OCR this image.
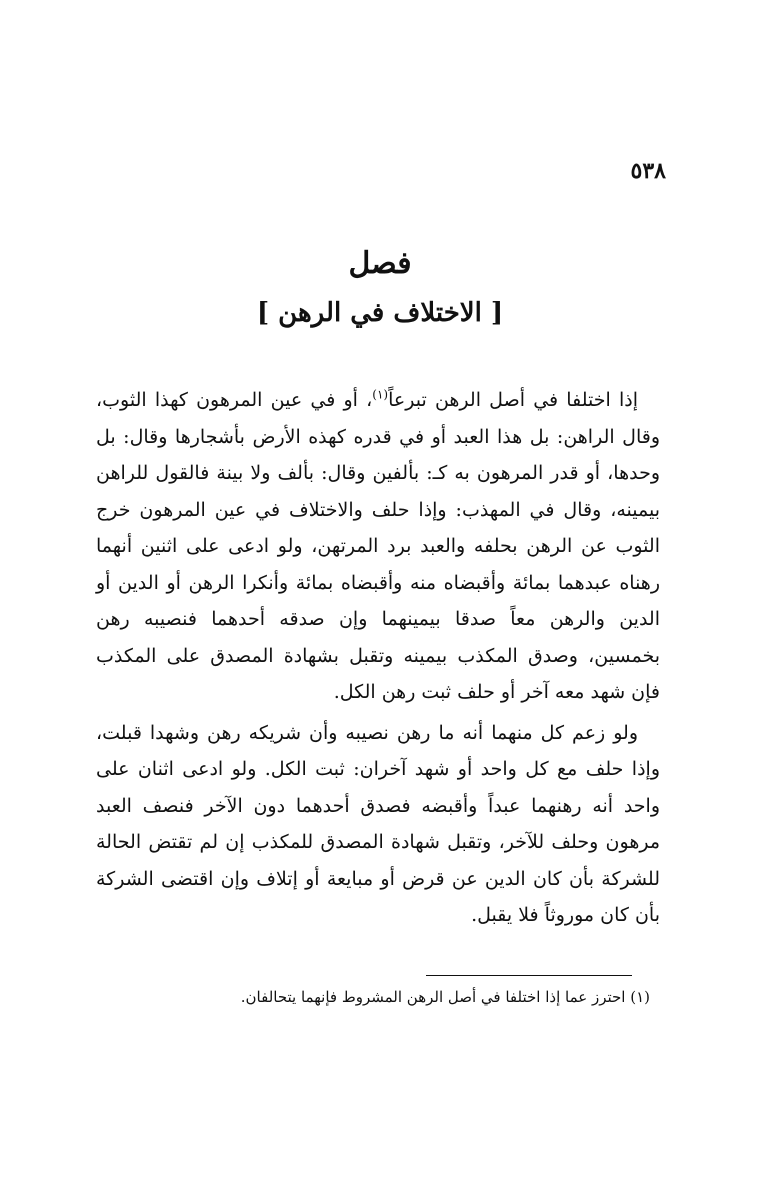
٥٣٨
فصل
[ الاختلاف في الرهن ]

إذا اختلفا في أصل الرهن تبرعاً$^{(١)}$، أو في عين المرهون كهذا الثوب، وقال الراهن: بل هذا العبد أو في قدره كهذه الأرض بأشجارها وقال: بل وحدها، أو قدر المرهون به كـ: بألفين وقال: بألف ولا بينة فالقول للراهن بيمينه، وقال في المهذب: وإذا حلف والاختلاف في عين المرهون خرج الثوب عن الرهن بحلفه والعبد برد المرتهن، ولو ادعى على اثنين أنهما رهناه عبدهما بمائة وأقبضاه منه وأقبضاه بمائة وأنكرا الرهن أو الدين أو الدين والرهن معاً صدقا بيمينهما وإن صدقه أحدهما فنصيبه رهن بخمسين، وصدق المكذب بيمينه وتقبل بشهادة المصدق على المكذب فإن شهد معه آخر أو حلف ثبت رهن الكل.

ولو زعم كل منهما أنه ما رهن نصيبه وأن شريكه رهن وشهدا قبلت، وإذا حلف مع كل واحد أو شهد آخران: ثبت الكل. ولو ادعى اثنان على واحد أنه رهنهما عبداً وأقبضه فصدق أحدهما دون الآخر فنصف العبد مرهون وحلف للآخر، وتقبل شهادة المصدق للمكذب إن لم تقتض الحالة للشركة بأن كان الدين عن قرض أو مبايعة أو إتلاف وإن اقتضى الشركة بأن كان موروثاً فلا يقبل.

(١) احترز عما إذا اختلفا في أصل الرهن المشروط فإنهما يتحالفان.
